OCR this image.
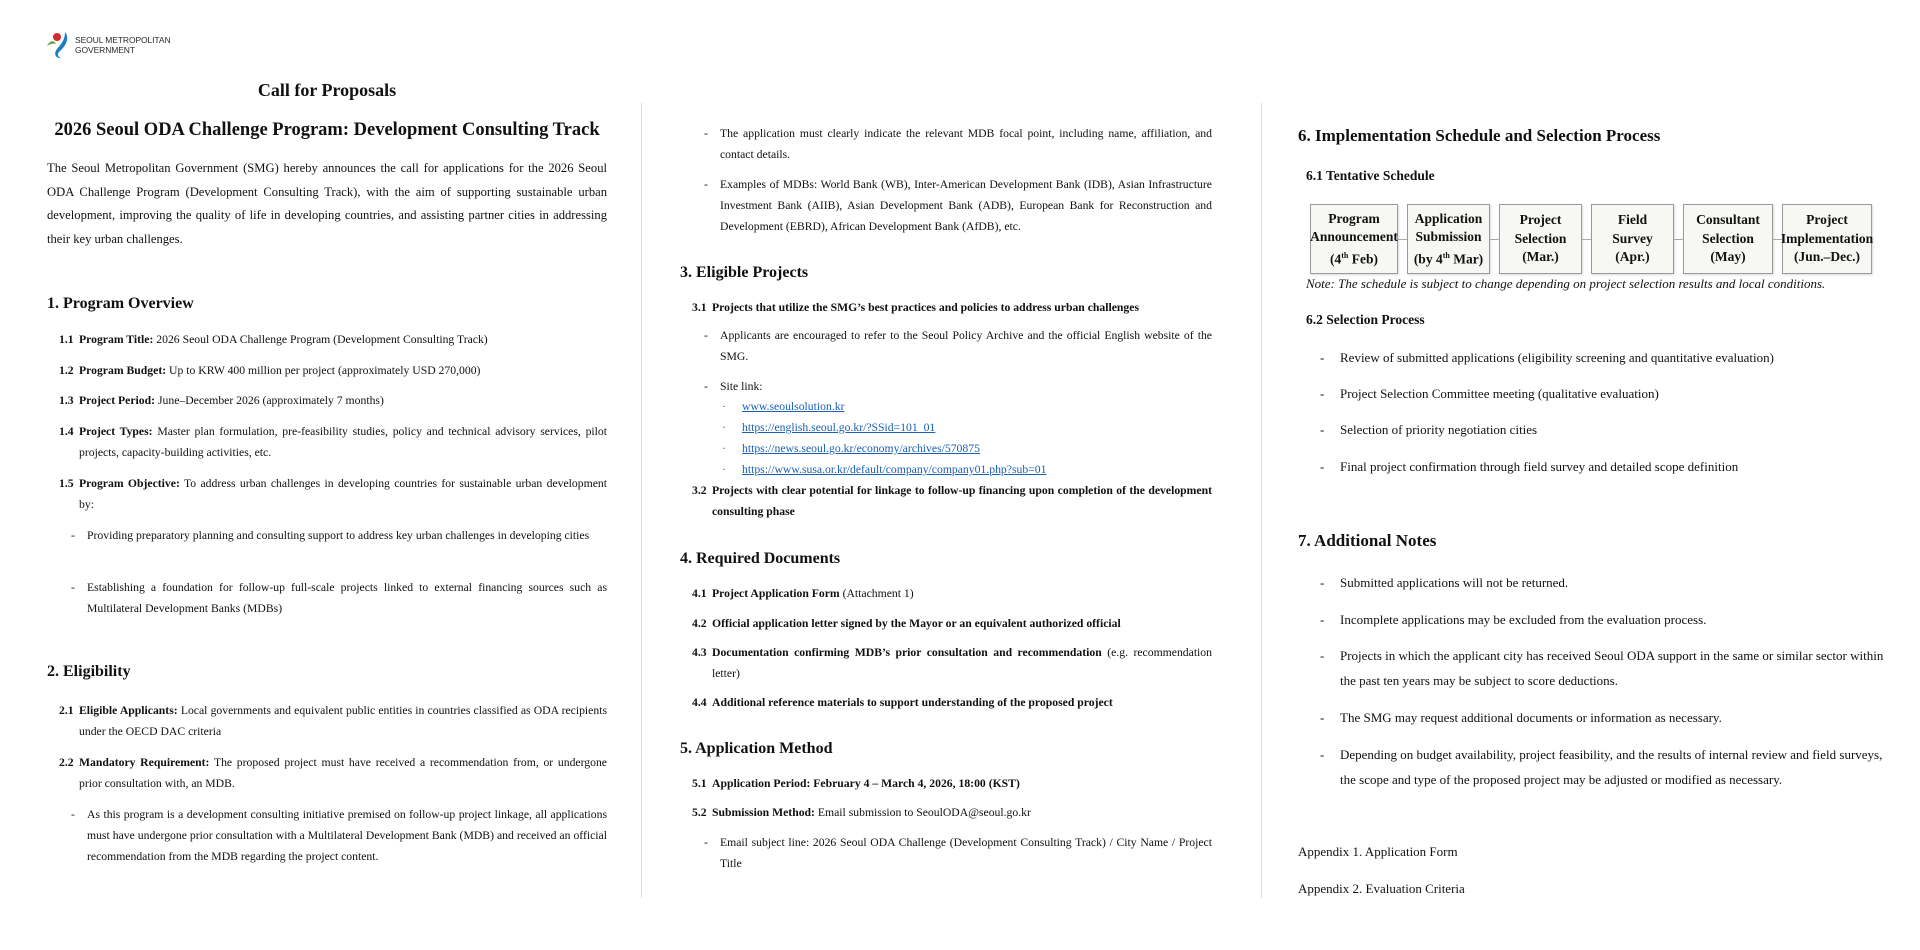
SEOUL METROPOLITAN
GOVERNMENT
Call for Proposals
2026 Seoul ODA Challenge Program: Development Consulting Track
The Seoul Metropolitan Government (SMG) hereby announces the call for applications for the 2026 Seoul ODA Challenge Program (Development Consulting Track), with the aim of supporting sustainable urban development, improving the quality of life in developing countries, and assisting partner cities in addressing their key urban challenges.
1. Program Overview
1.1 Program Title: 2026 Seoul ODA Challenge Program (Development Consulting Track)
1.2 Program Budget: Up to KRW 400 million per project (approximately USD 270,000)
1.3 Project Period: June–December 2026 (approximately 7 months)
1.4 Project Types: Master plan formulation, pre-feasibility studies, policy and technical advisory services, pilot projects, capacity-building activities, etc.
1.5 Program Objective: To address urban challenges in developing countries for sustainable urban development by:
- Providing preparatory planning and consulting support to address key urban challenges in developing cities
- Establishing a foundation for follow-up full-scale projects linked to external financing sources such as Multilateral Development Banks (MDBs)
2. Eligibility
2.1 Eligible Applicants: Local governments and equivalent public entities in countries classified as ODA recipients under the OECD DAC criteria
2.2 Mandatory Requirement: The proposed project must have received a recommendation from, or undergone prior consultation with, an MDB.
- As this program is a development consulting initiative premised on follow-up project linkage, all applications must have undergone prior consultation with a Multilateral Development Bank (MDB) and received an official recommendation from the MDB regarding the project content.
- The application must clearly indicate the relevant MDB focal point, including name, affiliation, and contact details.
- Examples of MDBs: World Bank (WB), Inter-American Development Bank (IDB), Asian Infrastructure Investment Bank (AIIB), Asian Development Bank (ADB), European Bank for Reconstruction and Development (EBRD), African Development Bank (AfDB), etc.
3. Eligible Projects
3.1 Projects that utilize the SMG’s best practices and policies to address urban challenges
- Applicants are encouraged to refer to the Seoul Policy Archive and the official English website of the SMG.
- Site link:
· www.seoulsolution.kr
· https://english.seoul.go.kr/?SSid=101_01
· https://news.seoul.go.kr/economy/archives/570875
· https://www.susa.or.kr/default/company/company01.php?sub=01
3.2 Projects with clear potential for linkage to follow-up financing upon completion of the development consulting phase
4. Required Documents
4.1 Project Application Form (Attachment 1)
4.2 Official application letter signed by the Mayor or an equivalent authorized official
4.3 Documentation confirming MDB’s prior consultation and recommendation (e.g. recommendation letter)
4.4 Additional reference materials to support understanding of the proposed project
5. Application Method
5.1 Application Period: February 4 – March 4, 2026, 18:00 (KST)
5.2 Submission Method: Email submission to SeoulODA@seoul.go.kr
- Email subject line: 2026 Seoul ODA Challenge (Development Consulting Track) / City Name / Project Title
6. Implementation Schedule and Selection Process
6.1 Tentative Schedule
Program
Announcement
(4th Feb)
Application
Submission
(by 4th Mar)
Project
Selection
(Mar.)
Field
Survey
(Apr.)
Consultant
Selection
(May)
Project
Implementation
(Jun.–Dec.)
Note: The schedule is subject to change depending on project selection results and local conditions.
6.2 Selection Process
- Review of submitted applications (eligibility screening and quantitative evaluation)
- Project Selection Committee meeting (qualitative evaluation)
- Selection of priority negotiation cities
- Final project confirmation through field survey and detailed scope definition
7. Additional Notes
- Submitted applications will not be returned.
- Incomplete applications may be excluded from the evaluation process.
- Projects in which the applicant city has received Seoul ODA support in the same or similar sector within the past ten years may be subject to score deductions.
- The SMG may request additional documents or information as necessary.
- Depending on budget availability, project feasibility, and the results of internal review and field surveys, the scope and type of the proposed project may be adjusted or modified as necessary.
Appendix 1. Application Form
Appendix 2. Evaluation Criteria
